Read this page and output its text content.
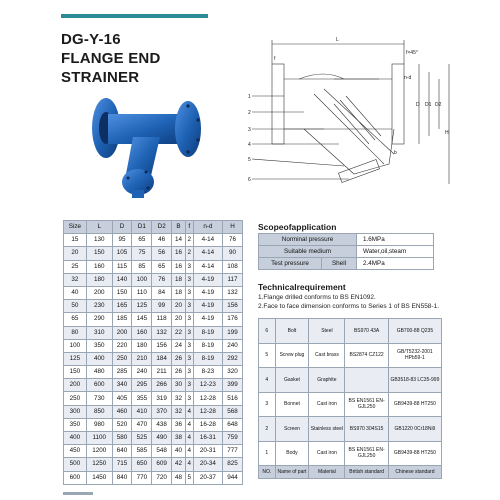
DG-Y-16
FLANGE END
STRAINER
L
f
f×45°
1
2
3
4
5
6
D D1 D2
H
b
n-d
Size	L	D	D1	D2	B	f	n-d	H
15	130	95	65	46	14	2	4-14	76
20	150	105	75	56	16	2	4-14	90
25	160	115	85	65	16	3	4-14	108
32	180	140	100	76	18	3	4-19	117
40	200	150	110	84	18	3	4-19	132
50	230	165	125	99	20	3	4-19	156
65	290	185	145	118	20	3	4-19	176
80	310	200	160	132	22	3	8-19	199
100	350	220	180	156	24	3	8-19	240
125	400	250	210	184	26	3	8-19	292
150	480	285	240	211	26	3	8-23	320
200	600	340	295	266	30	3	12-23	399
250	730	405	355	319	32	3	12-28	516
300	850	460	410	370	32	4	12-28	568
350	980	520	470	438	36	4	16-28	648
400	1100	580	525	490	38	4	16-31	759
450	1200	640	585	548	40	4	20-31	777
500	1250	715	650	609	42	4	20-34	825
600	1450	840	770	720	48	5	20-37	944
Scopeofapplication
Norminal pressure		1.6MPa
Suitable medium		Water,oil,steam
Test pressure	Shell	2.4MPa
Technicalrequirement
1.Flange drilled conforms to BS EN1092.
2.Face to face dimension conforms to Series 1 of BS EN558-1.
6	Bolt	Steel	BS970 43A	GB700-88 Q235
5	Screw plug	Cast brass	BS2874 CZ122	GB/T5232-2001 HPb59-1
4	Gasket	Graphite		GB3518-83 LC35-999
3	Bonnet	Cast iron	BS EN1561 EN-GJL250	GB9439-88 HT250
2	Screen	Stainless steel	BS970 304S15	GB1220 0Cr18Ni9
1	Body	Cast iron	BS EN1561 EN-GJL250	GB9439-88 HT250
NO.	Name of part	Material	British standard	Chinese standard
